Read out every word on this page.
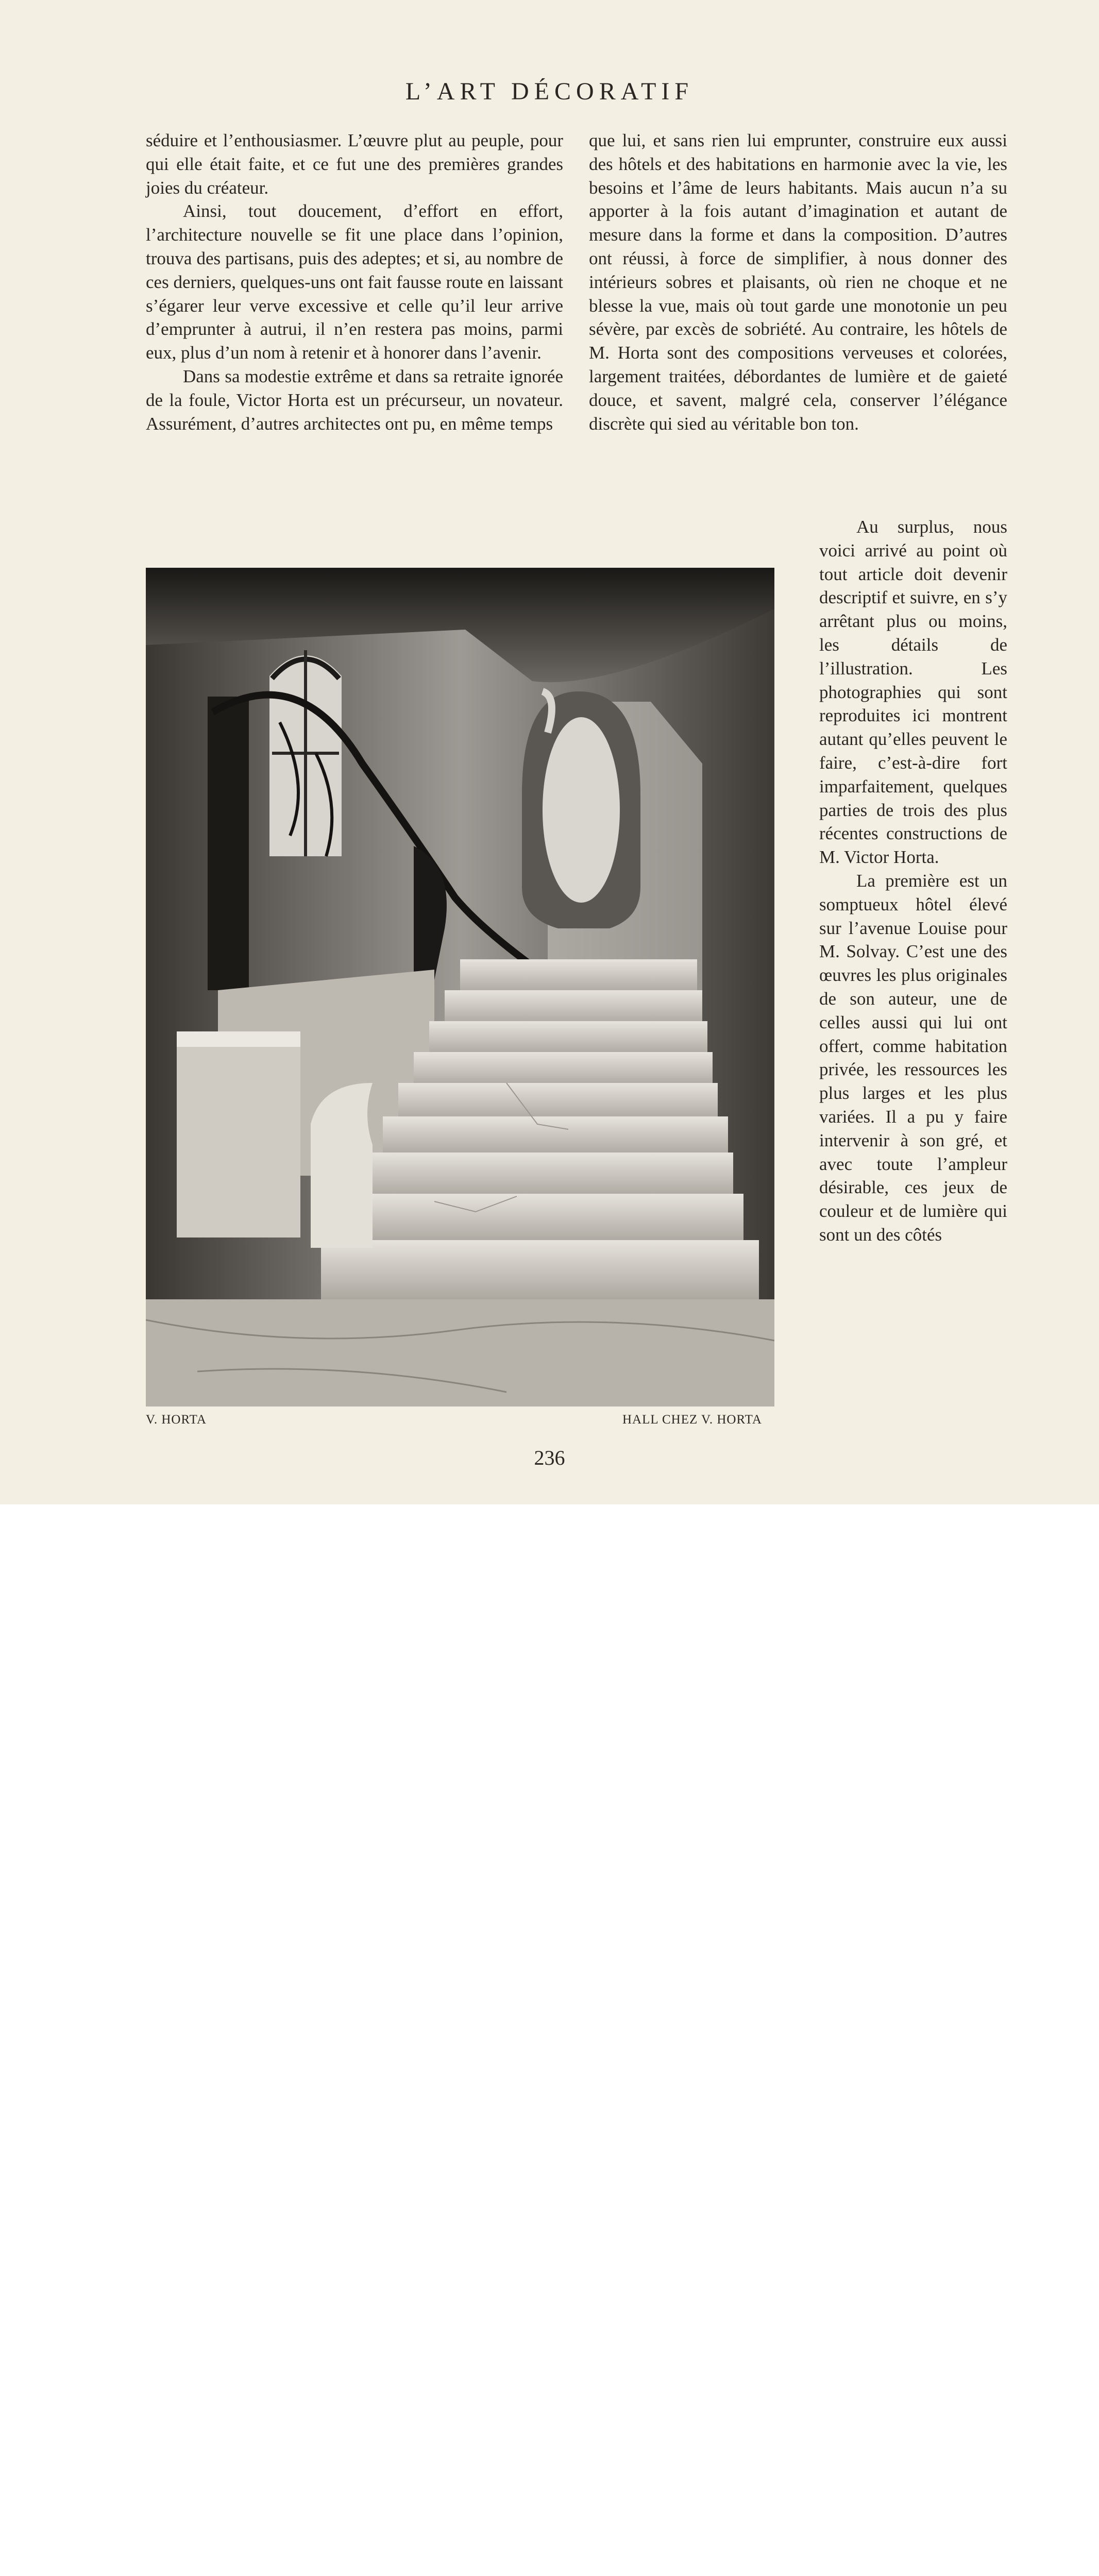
L’ART DÉCORATIF

séduire et l’enthousiasmer. L’œuvre plut au peuple, pour qui elle était faite, et ce fut une des premières grandes joies du créateur.

Ainsi, tout doucement, d’effort en effort, l’architecture nouvelle se fit une place dans l’opinion, trouva des partisans, puis des adeptes; et si, au nombre de ces derniers, quelques-uns ont fait fausse route en laissant s’égarer leur verve excessive et celle qu’il leur arrive d’emprunter à autrui, il n’en restera pas moins, parmi eux, plus d’un nom à retenir et à honorer dans l’avenir.

Dans sa modestie extrême et dans sa retraite ignorée de la foule, Victor Horta est un précurseur, un novateur. Assurément, d’autres architectes ont pu, en même temps

que lui, et sans rien lui emprunter, construire eux aussi des hôtels et des habitations en harmonie avec la vie, les besoins et l’âme de leurs habitants. Mais aucun n’a su apporter à la fois autant d’imagination et autant de mesure dans la forme et dans la composition. D’autres ont réussi, à force de simplifier, à nous donner des intérieurs sobres et plaisants, où rien ne choque et ne blesse la vue, mais où tout garde une monotonie un peu sévère, par excès de sobriété. Au contraire, les hôtels de M. Horta sont des compositions verveuses et colorées, largement traitées, débordantes de lumière et de gaieté douce, et savent, malgré cela, conserver l’élégance discrète qui sied au véritable bon ton.

Au surplus, nous voici arrivé au point où tout article doit devenir descriptif et suivre, en s’y arrêtant plus ou moins, les détails de l’illustration. Les photographies qui sont reproduites ici montrent autant qu’elles peuvent le faire, c’est-à-dire fort imparfaitement, quelques parties de trois des plus récentes constructions de M. Victor Horta.

La première est un somptueux hôtel élevé sur l’avenue Louise pour M. Solvay. C’est une des œuvres les plus originales de son auteur, une de celles aussi qui lui ont offert, comme habitation privée, les ressources les plus larges et les plus variées. Il a pu y faire intervenir à son gré, et avec toute l’ampleur désirable, ces jeux de couleur et de lumière qui sont un des côtés

V. HORTA	HALL CHEZ V. HORTA
236
